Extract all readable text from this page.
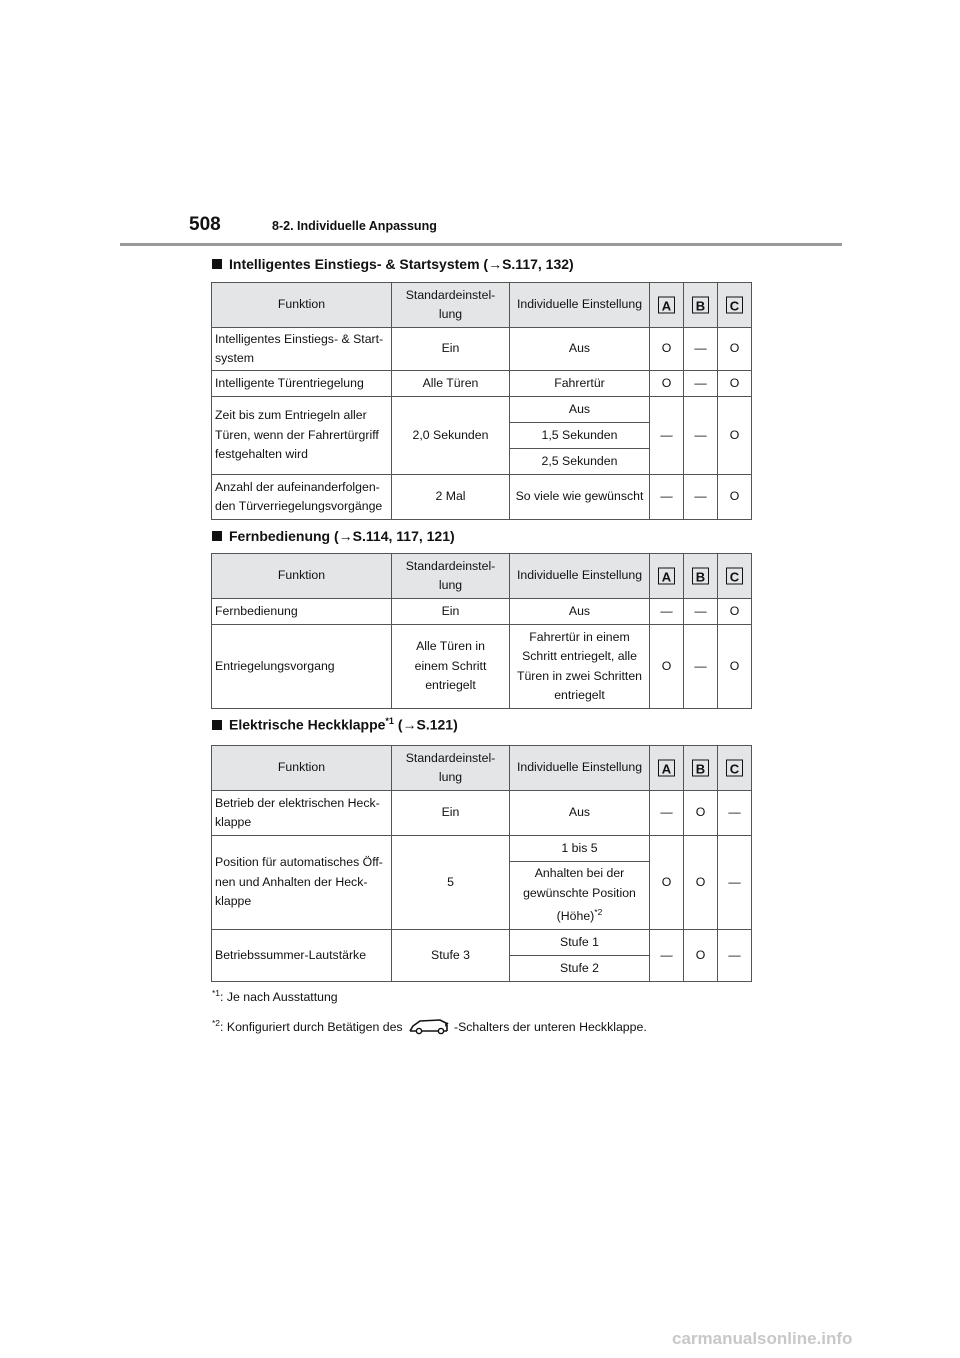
508	8-2. Individuelle Anpassung
Intelligentes Einstiegs- & Startsystem (→S.117, 132)
Funktion	Standardeinstel-
lung	Individuelle Einstellung	A	B	C

Intelligentes Einstiegs- & Start-
system	Ein	Aus	O	—	O
Intelligente Türentriegelung	Alle Türen	Fahrertür	O	—	O
Zeit bis zum Entriegeln aller
Türen, wenn der Fahrertürgriff
festgehalten wird	2,0 Sekunden	Aus	—	—	O
		1,5 Sekunden			
		2,5 Sekunden			
Anzahl der aufeinanderfolgen-
den Türverriegelungsvorgänge	2 Mal	So viele wie gewünscht	—	—	O
Fernbedienung (→S.114, 117, 121)
Funktion	Standardeinstel-
lung	Individuelle Einstellung	A	B	C

Fernbedienung	Ein	Aus	—	—	O
Entriegelungsvorgang	Alle Türen in
einem Schritt
entriegelt	Fahrertür in einem
Schritt entriegelt, alle
Türen in zwei Schritten
entriegelt	O	—	O
Elektrische Heckklappe$^{*1}$ (→S.121)
Funktion	Standardeinstel-
lung	Individuelle Einstellung	A	B	C

Betrieb der elektrischen Heck-
klappe	Ein	Aus	—	O	—
Position für automatisches Öff-
nen und Anhalten der Heck-
klappe	5	1 bis 5	O	O	—
		Anhalten bei der
gewünschte Position
(Höhe)$^{*2}$
Betriebssummer-Lautstärke	Stufe 3	Stufe 1	—	O	—
		Stufe 2			
$^{*1}$: Je nach Ausstattung
$^{*2}$: Konfiguriert durch Betätigen des	-Schalters der unteren Heckklappe.
carmanualsonline.info
